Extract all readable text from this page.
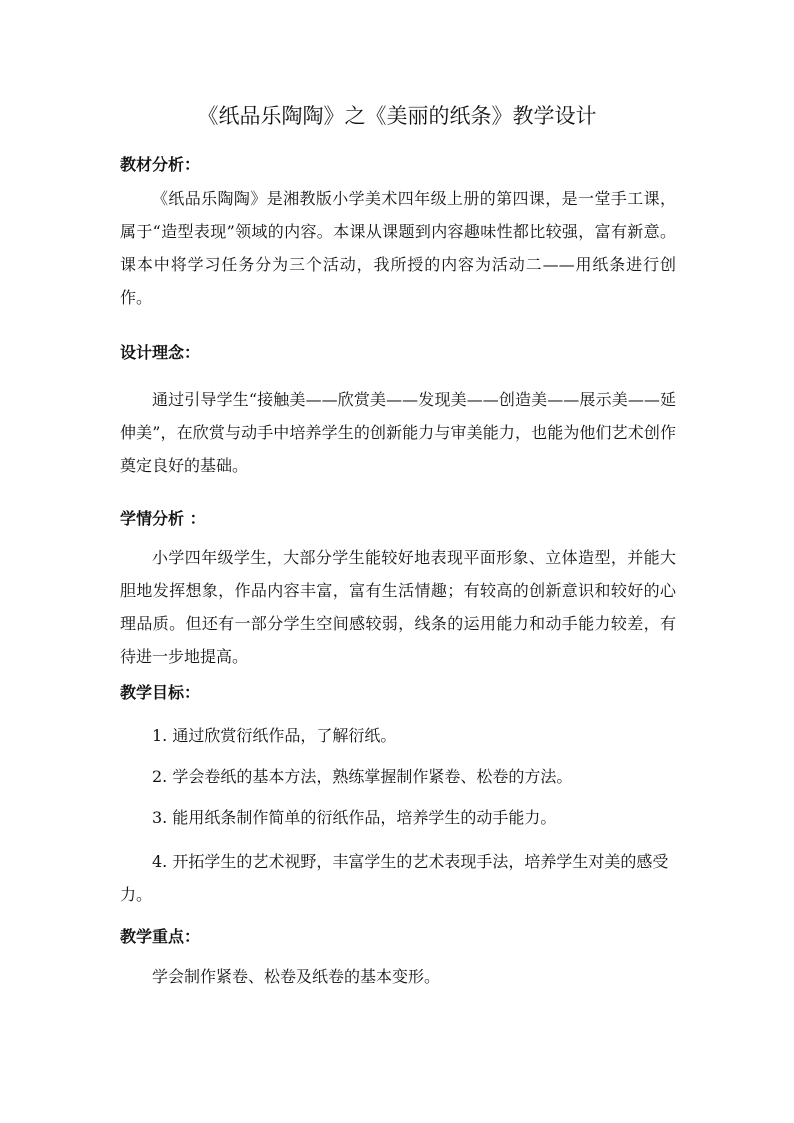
《纸品乐陶陶》之《美丽的纸条》教学设计
教材分析：
《纸品乐陶陶》是湘教版小学美术四年级上册的第四课，是一堂手工课，属于“造型表现”领域的内容。本课从课题到内容趣味性都比较强，富有新意。课本中将学习任务分为三个活动，我所授的内容为活动二——用纸条进行创作。
设计理念：
通过引导学生“接触美——欣赏美——发现美——创造美——展示美——延伸美”，在欣赏与动手中培养学生的创新能力与审美能力，也能为他们艺术创作奠定良好的基础。
学情分析 ：
小学四年级学生，大部分学生能较好地表现平面形象、立体造型，并能大胆地发挥想象，作品内容丰富，富有生活情趣；有较高的创新意识和较好的心理品质。但还有一部分学生空间感较弱，线条的运用能力和动手能力较差，有待进一步地提高。
教学目标：
1. 通过欣赏衍纸作品，了解衍纸。
2. 学会卷纸的基本方法，熟练掌握制作紧卷、松卷的方法。
3. 能用纸条制作简单的衍纸作品，培养学生的动手能力。
4. 开拓学生的艺术视野，丰富学生的艺术表现手法，培养学生对美的感受力。
教学重点：
学会制作紧卷、松卷及纸卷的基本变形。
